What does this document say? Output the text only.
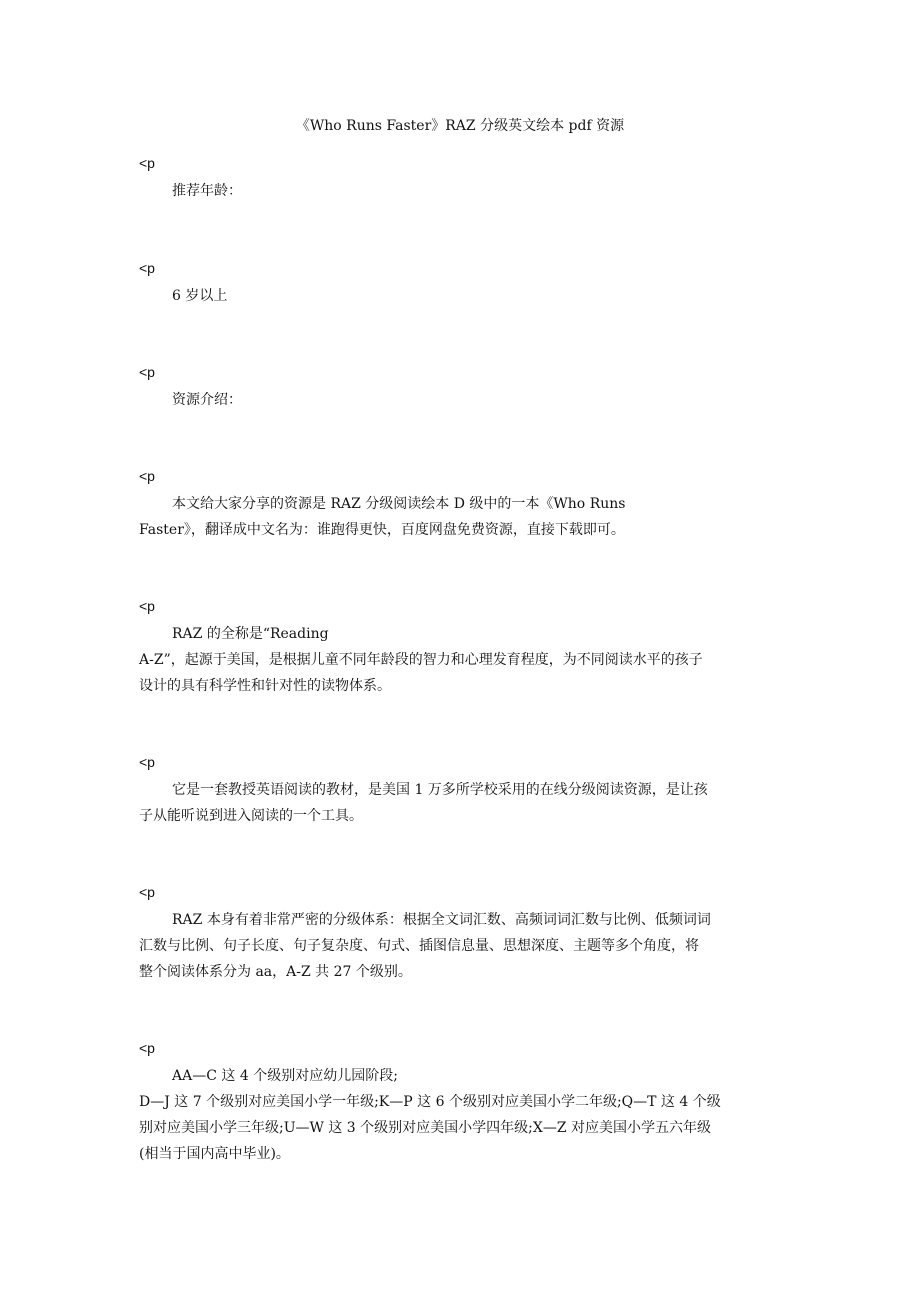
《Who Runs Faster》RAZ 分级英文绘本 pdf 资源
<p
推荐年龄：
<p
6 岁以上
<p
资源介绍：
<p
本文给大家分享的资源是 RAZ 分级阅读绘本 D 级中的一本《Who Runs
Faster》，翻译成中文名为：谁跑得更快，百度网盘免费资源，直接下载即可。
<p
RAZ 的全称是“Reading
A-Z”，起源于美国，是根据儿童不同年龄段的智力和心理发育程度，为不同阅读水平的孩子
设计的具有科学性和针对性的读物体系。
<p
它是一套教授英语阅读的教材，是美国 1 万多所学校采用的在线分级阅读资源，是让孩
子从能听说到进入阅读的一个工具。
<p
RAZ 本身有着非常严密的分级体系：根据全文词汇数、高频词词汇数与比例、低频词词
汇数与比例、句子长度、句子复杂度、句式、插图信息量、思想深度、主题等多个角度，将
整个阅读体系分为 aa，A-Z 共 27 个级别。
<p
AA—C 这 4 个级别对应幼儿园阶段;
D—J 这 7 个级别对应美国小学一年级;K—P 这 6 个级别对应美国小学二年级;Q—T 这 4 个级
别对应美国小学三年级;U—W 这 3 个级别对应美国小学四年级;X—Z 对应美国小学五六年级
(相当于国内高中毕业)。
